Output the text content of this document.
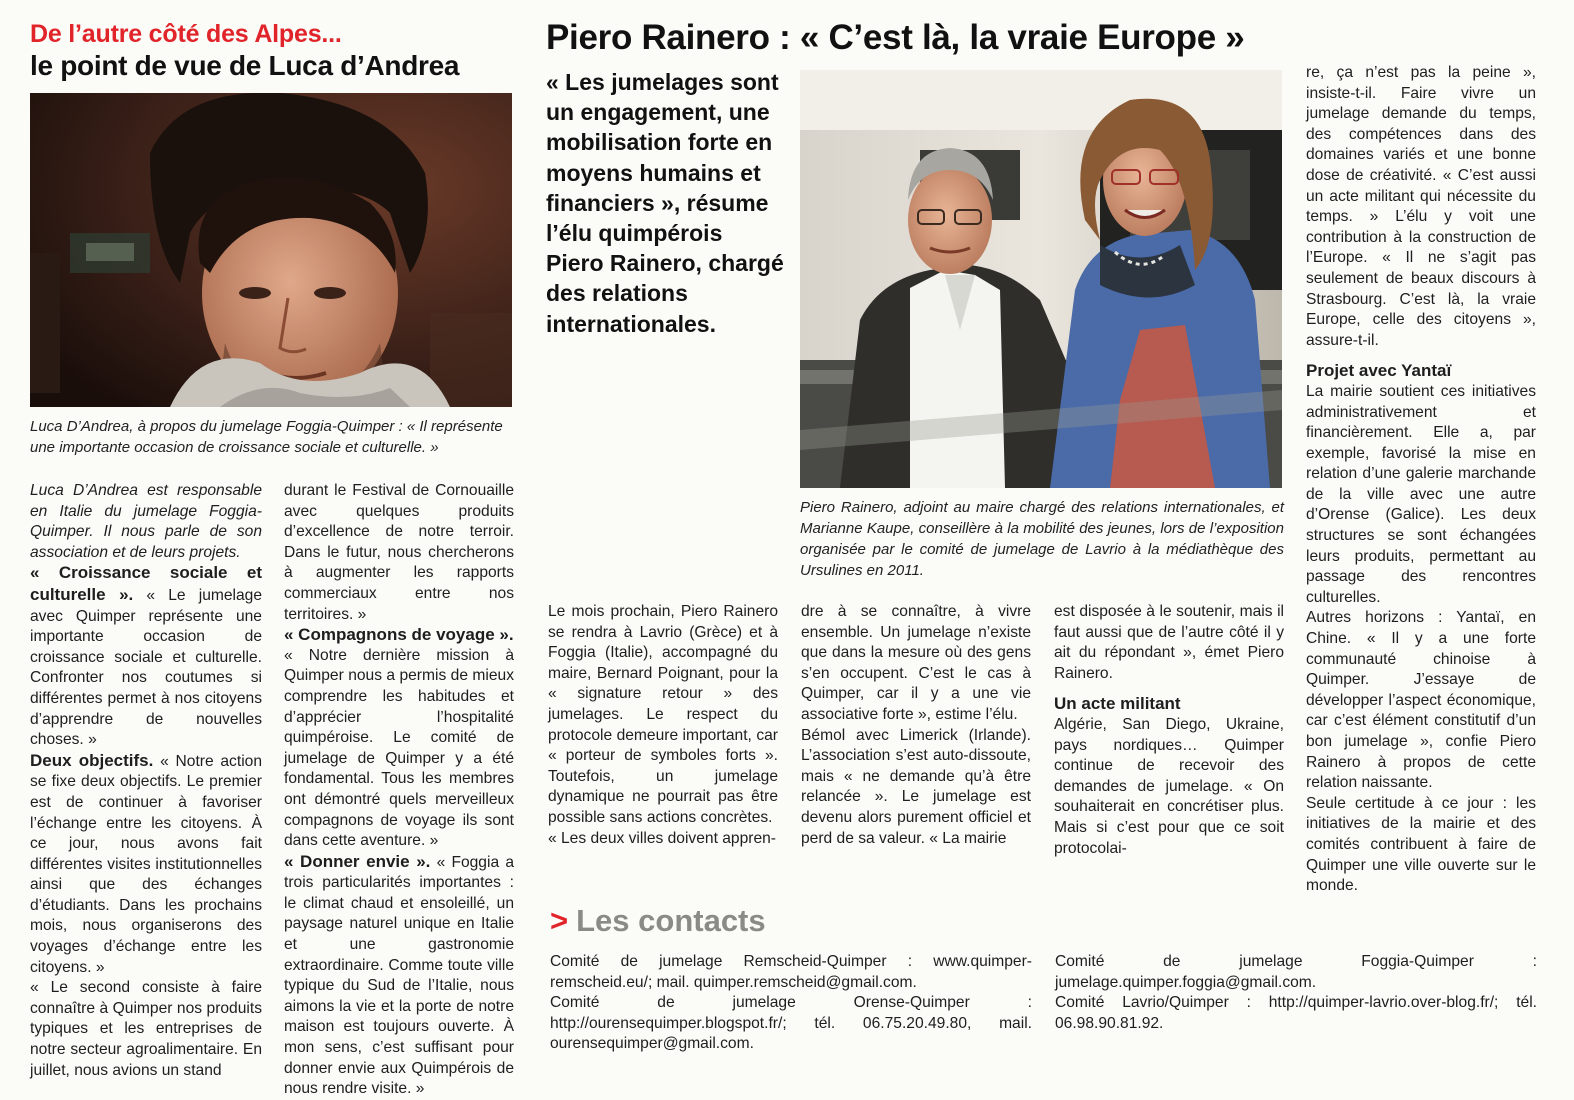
De l’autre côté des Alpes...
le point de vue de Luca d’Andrea
Luca D’Andrea, à propos du jumelage Foggia-Quimper : « Il représente une importante occasion de croissance sociale et culturelle. »

Luca D’Andrea est responsable en Italie du jumelage Foggia-Quimper. Il nous parle de son association et de leurs projets.

« Croissance sociale et culturelle ». « Le jumelage avec Quimper représente une importante occasion de croissance sociale et culturelle. Confronter nos coutumes si différentes permet à nos citoyens d’apprendre de nouvelles choses. »

Deux objectifs. « Notre action se fixe deux objectifs. Le premier est de continuer à favoriser l’échange entre les citoyens. À ce jour, nous avons fait différentes visites institutionnelles ainsi que des échanges d’étudiants. Dans les prochains mois, nous organiserons des voyages d’échange entre les citoyens. »

« Le second consiste à faire connaître à Quimper nos produits typiques et les entreprises de notre secteur agroalimentaire. En juillet, nous avions un stand

durant le Festival de Cornouaille avec quelques produits d’excellence de notre terroir. Dans le futur, nous chercherons à augmenter les rapports commerciaux entre nos territoires. »

« Compagnons de voyage ».

« Notre dernière mission à Quimper nous a permis de mieux comprendre les habitudes et d’apprécier l’hospitalité quimpéroise. Le comité de jumelage de Quimper y a été fondamental. Tous les membres ont démontré quels merveilleux compagnons de voyage ils sont dans cette aventure. »

« Donner envie ». « Foggia a trois particularités importantes : le climat chaud et ensoleillé, un paysage naturel unique en Italie et une gastronomie extraordinaire. Comme toute ville typique du Sud de l’Italie, nous aimons la vie et la porte de notre maison est toujours ouverte. À mon sens, c’est suffisant pour donner envie aux Quimpérois de nous rendre visite. »

Piero Rainero : « C’est là, la vraie Europe »
« Les jumelages sont un engagement, une mobilisation forte en moyens humains et financiers », résume l’élu quimpérois Piero Rainero, chargé des relations internationales.
Piero Rainero, adjoint au maire chargé des relations internationales, et Marianne Kaupe, conseillère à la mobilité des jeunes, lors de l’exposition organisée par le comité de jumelage de Lavrio à la médiathèque des Ursulines en 2011.

Le mois prochain, Piero Rainero se rendra à Lavrio (Grèce) et à Foggia (Italie), accompagné du maire, Bernard Poignant, pour la « signature retour » des jumelages. Le respect du protocole demeure important, car « porteur de symboles forts ». Toutefois, un jumelage dynamique ne pourrait pas être possible sans actions concrètes.

« Les deux villes doivent appren-

dre à se connaître, à vivre ensemble. Un jumelage n’existe que dans la mesure où des gens s’en occupent. C’est le cas à Quimper, car il y a une vie associative forte », estime l’élu.

Bémol avec Limerick (Irlande). L’association s’est auto-dissoute, mais « ne demande qu’à être relancée ». Le jumelage est devenu alors purement officiel et perd de sa valeur. « La mairie

est disposée à le soutenir, mais il faut aussi que de l’autre côté il y ait du répondant », émet Piero Rainero.

Un acte militant

Algérie, San Diego, Ukraine, pays nordiques… Quimper continue de recevoir des demandes de jumelage. « On souhaiterait en concrétiser plus. Mais si c’est pour que ce soit protocolai-

re, ça n’est pas la peine », insiste-t-il. Faire vivre un jumelage demande du temps, des compétences dans des domaines variés et une bonne dose de créativité. « C’est aussi un acte militant qui nécessite du temps. » L’élu y voit une contribution à la construction de l’Europe. « Il ne s’agit pas seulement de beaux discours à Strasbourg. C’est là, la vraie Europe, celle des citoyens », assure-t-il.

Projet avec Yantaï

La mairie soutient ces initiatives administrativement et financièrement. Elle a, par exemple, favorisé la mise en relation d’une galerie marchande de la ville avec une autre d’Orense (Galice). Les deux structures se sont échangées leurs produits, permettant au passage des rencontres culturelles.

Autres horizons : Yantaï, en Chine. « Il y a une forte communauté chinoise à Quimper. J’essaye de développer l’aspect économique, car c’est élément constitutif d’un bon jumelage », confie Piero Rainero à propos de cette relation naissante.

Seule certitude à ce jour : les initiatives de la mairie et des comités contribuent à faire de Quimper une ville ouverte sur le monde.

> Les contacts

Comité de jumelage Remscheid-Quimper : www.quimper-remscheid.eu/; mail. quimper.remscheid@gmail.com.

Comité de jumelage Orense-Quimper : http://ourensequimper.blogspot.fr/; tél. 06.75.20.49.80, mail. ourensequimper@gmail.com.

Comité de jumelage Foggia-Quimper : jumelage.quimper.foggia@gmail.com.

Comité Lavrio/Quimper : http://quimper-lavrio.over-blog.fr/; tél. 06.98.90.81.92.
